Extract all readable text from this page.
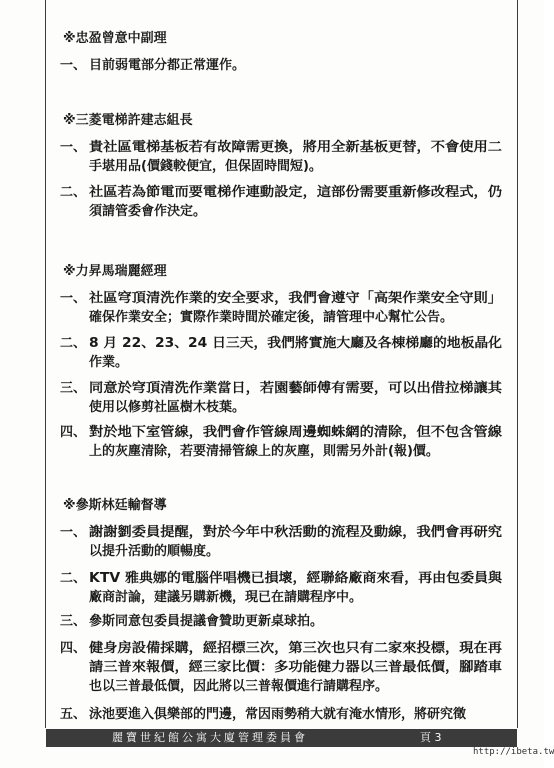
※忠盈曾意中副理
一、 目前弱電部分都正常運作。
※三菱電梯許建志組長
一、 貴社區電梯基板若有故障需更換，將用全新基板更替，不會使用二
手堪用品(價錢較便宜，但保固時間短)。
二、 社區若為節電而要電梯作連動設定，這部份需要重新修改程式，仍
須請管委會作決定。
※力昇馬瑞麗經理
一、 社區穹頂清洗作業的安全要求，我們會遵守「高架作業安全守則」
確保作業安全；實際作業時間於確定後，請管理中心幫忙公告。
二、 8 月 22、23、24 日三天，我們將實施大廳及各棟梯廳的地板晶化
作業。
三、 同意於穹頂清洗作業當日，若園藝師傅有需要，可以出借拉梯讓其
使用以修剪社區樹木枝葉。
四、 對於地下室管線，我們會作管線周邊蜘蛛網的清除，但不包含管線
上的灰塵清除，若要清掃管線上的灰塵，則需另外計(報)價。
※參斯林廷輸督導
一、 謝謝劉委員提醒，對於今年中秋活動的流程及動線，我們會再研究
以提升活動的順暢度。
二、 KTV 雅典娜的電腦伴唱機已損壞，經聯絡廠商來看，再由包委員與
廠商討論，建議另購新機，現已在請購程序中。
三、 參斯同意包委員提議會贊助更新桌球拍。
四、 健身房設備採購，經招標三次，第三次也只有二家來投標，現在再
請三普來報價，經三家比價：多功能健力器以三普最低價，腳踏車
也以三普最低價，因此將以三普報價進行請購程序。
五、 泳池要進入俱樂部的門邊，常因雨勢稍大就有淹水情形，將研究徵
麗寶世紀館公寓大廈管理委員會	頁 3
http://ibeta.tw
